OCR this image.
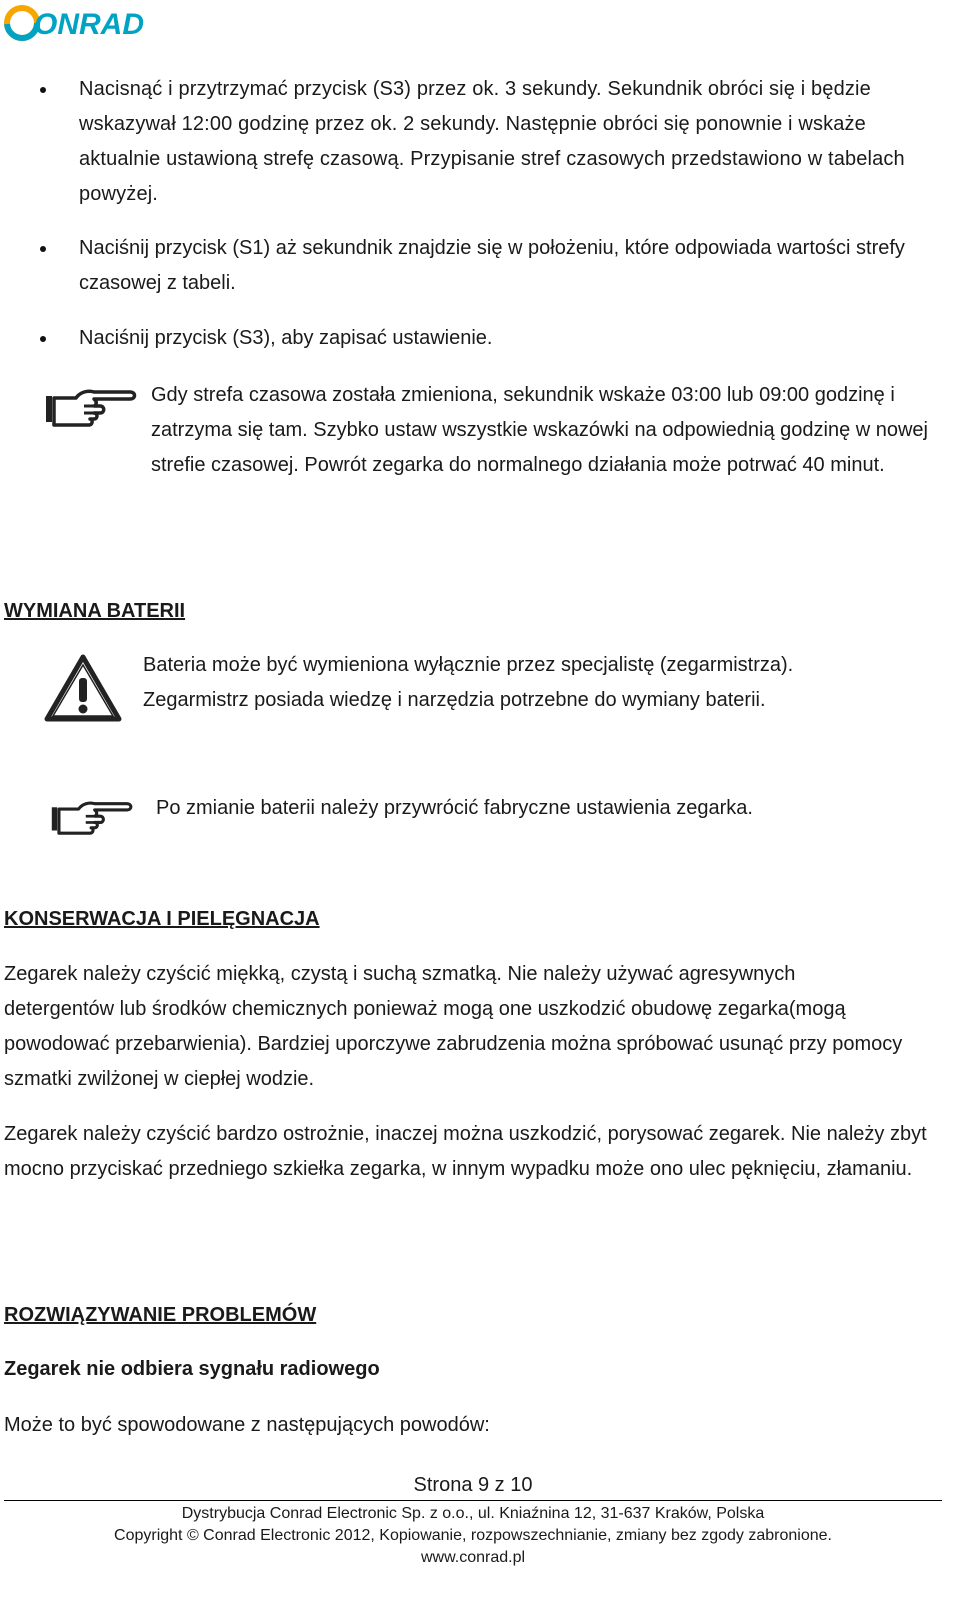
ONRAD
Nacisnąć i przytrzymać przycisk (S3) przez ok. 3 sekundy. Sekundnik obróci się i będzie wskazywał 12:00 godzinę przez ok. 2 sekundy. Następnie obróci się ponownie i wskaże aktualnie ustawioną strefę czasową. Przypisanie stref czasowych przedstawiono w tabelach powyżej.
Naciśnij przycisk (S1) aż sekundnik znajdzie się w położeniu, które odpowiada wartości strefy czasowej z tabeli.
Naciśnij przycisk (S3), aby zapisać ustawienie.
Gdy strefa czasowa została zmieniona, sekundnik wskaże 03:00 lub 09:00 godzinę i zatrzyma się tam. Szybko ustaw wszystkie wskazówki na odpowiednią godzinę w nowej strefie czasowej. Powrót zegarka do normalnego działania może potrwać 40 minut.
WYMIANA BATERII
Bateria może być wymieniona wyłącznie przez specjalistę (zegarmistrza). Zegarmistrz posiada wiedzę i narzędzia potrzebne do wymiany baterii.
Po zmianie baterii należy przywrócić fabryczne ustawienia zegarka.
KONSERWACJA I PIELĘGNACJA
Zegarek należy czyścić miękką, czystą i suchą szmatką. Nie należy używać agresywnych detergentów lub środków chemicznych ponieważ mogą one uszkodzić obudowę zegarka(mogą powodować przebarwienia). Bardziej uporczywe zabrudzenia można spróbować usunąć przy pomocy szmatki zwilżonej w ciepłej wodzie.
Zegarek należy czyścić bardzo ostrożnie, inaczej można uszkodzić, porysować zegarek. Nie należy zbyt mocno przyciskać przedniego szkiełka zegarka, w innym wypadku może ono ulec pęknięciu, złamaniu.
ROZWIĄZYWANIE PROBLEMÓW
Zegarek nie odbiera sygnału radiowego
Może to być spowodowane z następujących powodów:
Strona 9 z 10
Dystrybucja Conrad Electronic Sp. z o.o., ul. Kniaźnina 12, 31-637 Kraków, Polska
Copyright © Conrad Electronic 2012, Kopiowanie, rozpowszechnianie, zmiany bez zgody zabronione.
www.conrad.pl
